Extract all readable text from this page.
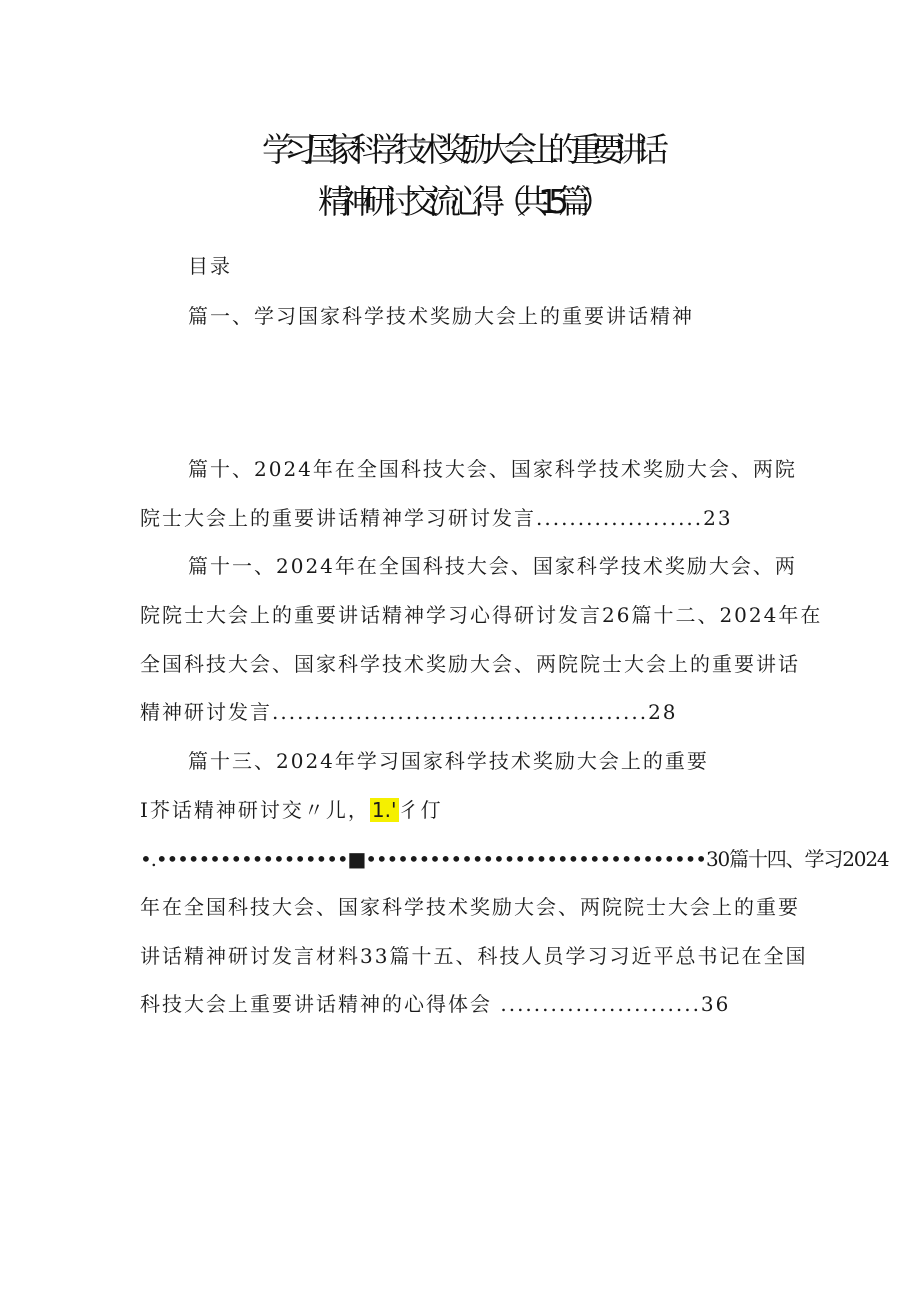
学习国家科学技术奖励大会上的重要讲话
精神研讨交流心得（共15篇）
目录
篇一、学习国家科学技术奖励大会上的重要讲话精神
篇十、2024年在全国科技大会、国家科学技术奖励大会、两院
院士大会上的重要讲话精神学习研讨发言....................23
篇十一、2024年在全国科技大会、国家科学技术奖励大会、两
院院士大会上的重要讲话精神学习心得研讨发言26篇十二、2024年在
全国科技大会、国家科学技术奖励大会、两院院士大会上的重要讲话
精神研讨发言.............................................28
篇十三、2024年学习国家科学技术奖励大会上的重要
I芥话精神研讨交〃儿， 1.' 彳仃
•.••••••••••••••••••■••••••••••••••••••••••••••••••••30篇十四、学习2024
年在全国科技大会、国家科学技术奖励大会、两院院士大会上的重要
讲话精神研讨发言材料33篇十五、科技人员学习习近平总书记在全国
科技大会上重要讲话精神的心得体会 ........................36
